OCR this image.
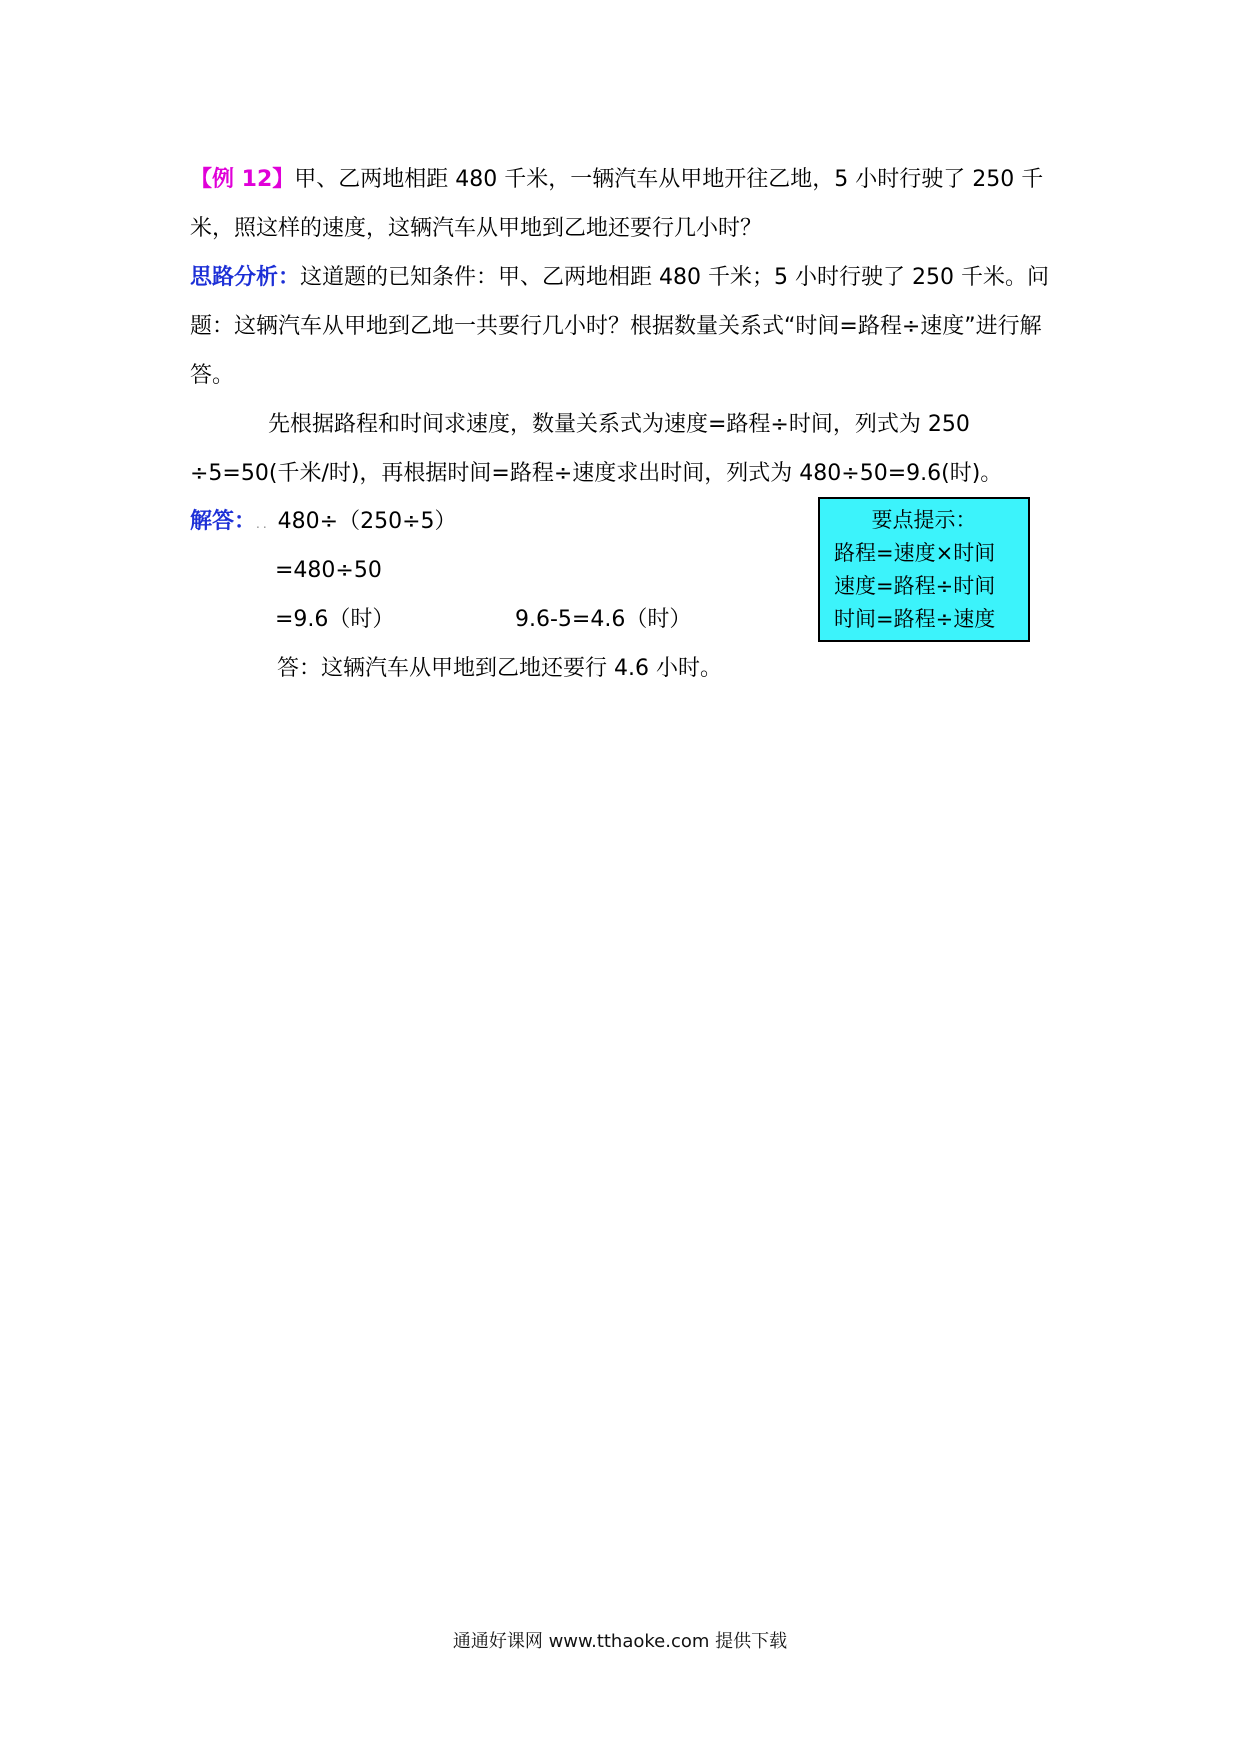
【例 12】甲、乙两地相距 480 千米，一辆汽车从甲地开往乙地，5 小时行驶了 250 千米，照这样的速度，这辆汽车从甲地到乙地还要行几小时？

思路分析：这道题的已知条件：甲、乙两地相距 480 千米；5 小时行驶了 250 千米。问题：这辆汽车从甲地到乙地一共要行几小时？根据数量关系式“时间=路程÷速度”进行解答。

先根据路程和时间求速度，数量关系式为速度=路程÷时间，列式为 250 ÷5=50(千米/时)，再根据时间=路程÷速度求出时间，列式为 480÷50=9.6(时)。

解答：.. 480÷（250÷5）
=480÷50
=9.6（时）	9.6-5=4.6（时）
答：这辆汽车从甲地到乙地还要行 4.6 小时。
要点提示：
路程=速度×时间
速度=路程÷时间
时间=路程÷速度
通通好课网 www.tthaoke.com 提供下载
